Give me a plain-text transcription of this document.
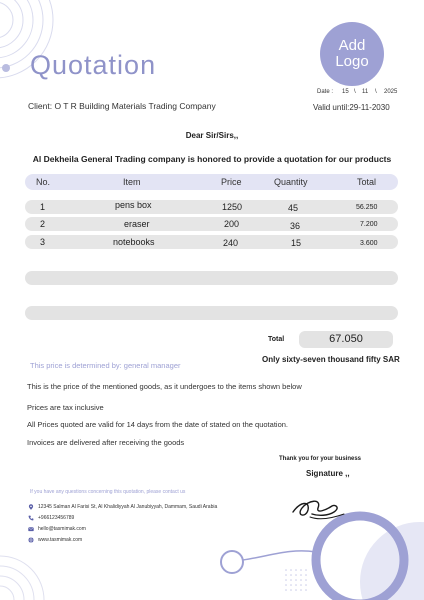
Quotation
Add
Logo
Date : 15 \ 11 \ 2025
Client: O T R Building Materials Trading Company	Valid until:29-11-2030
Dear Sir/Sirs,,
Al Dekheila General Trading company is honored to provide a quotation for our products
No.	Item	Price	Quantity	Total
1	pens box	1250	45	56.250
2	eraser	200	36	7.200
3	notebooks	240	15	3.600
Total	67.050
Only sixty-seven thousand fifty SAR
This price is determined by: general manager
This is the price of the mentioned goods, as it undergoes to the items shown below
Prices are tax inclusive
All Prices quoted are valid for 14 days from the date of stated on the quotation.
Invoices are delivered after receiving the goods
Thank you for your business
Signature ,,
If you have any questions concerning this quotation, please contact us
12345 Salman Al Farisi St, Al Khalidiyyah Al Janubiyyah, Dammam, Saudi Arabia
+966123456789
hello@tasmimak.com
www.tasmimak.com
